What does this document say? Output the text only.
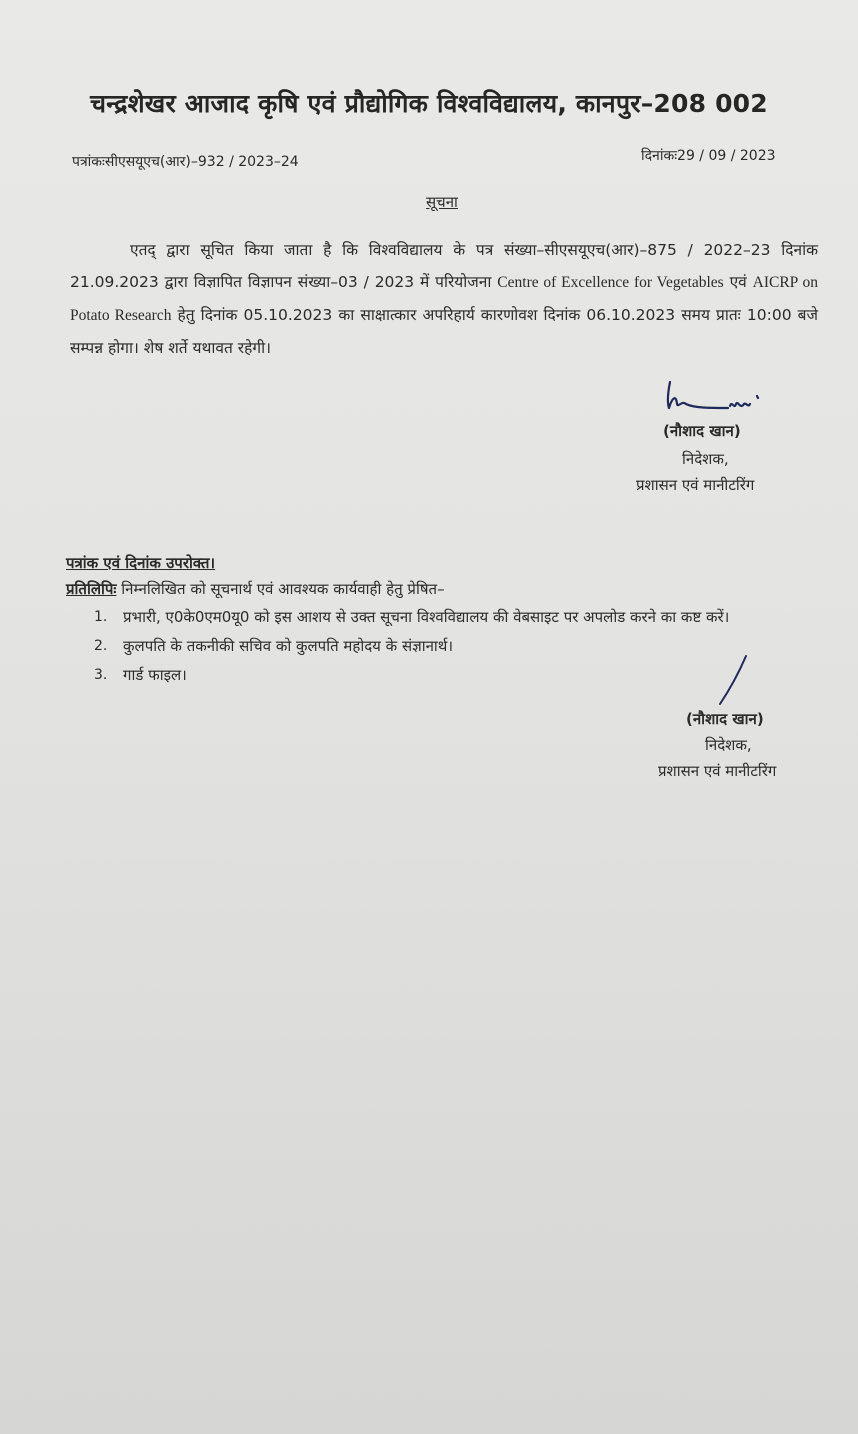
चन्द्रशेखर आजाद कृषि एवं प्रौद्योगिक विश्वविद्यालय, कानपुर–208 002
पत्रांकःसीएसयूएच(आर)–932 / 2023–24	दिनांकः29 / 09 / 2023
सूचना
एतद् द्वारा सूचित किया जाता है कि विश्वविद्यालय के पत्र संख्या–सीएसयूएच(आर)–875 / 2022–23 दिनांक 21.09.2023 द्वारा विज्ञापित विज्ञापन संख्या–03 / 2023 में परियोजना Centre of Excellence for Vegetables एवं AICRP on Potato Research हेतु दिनांक 05.10.2023 का साक्षात्कार अपरिहार्य कारणोवश दिनांक 06.10.2023 समय प्रातः 10:00 बजे सम्पन्न होगा। शेष शर्ते यथावत रहेगी।
(नौशाद खान)
निदेशक,
प्रशासन एवं मानीटरिंग
पत्रांक एवं दिनांक उपरोक्त।
प्रतिलिपिः निम्नलिखित को सूचनार्थ एवं आवश्यक कार्यवाही हेतु प्रेषित–
1. प्रभारी, ए0के0एम0यू0 को इस आशय से उक्त सूचना विश्वविद्यालय की वेबसाइट पर अपलोड करने का कष्ट करें।
2. कुलपति के तकनीकी सचिव को कुलपति महोदय के संज्ञानार्थ।
3. गार्ड फाइल।
(नौशाद खान)
निदेशक,
प्रशासन एवं मानीटरिंग
